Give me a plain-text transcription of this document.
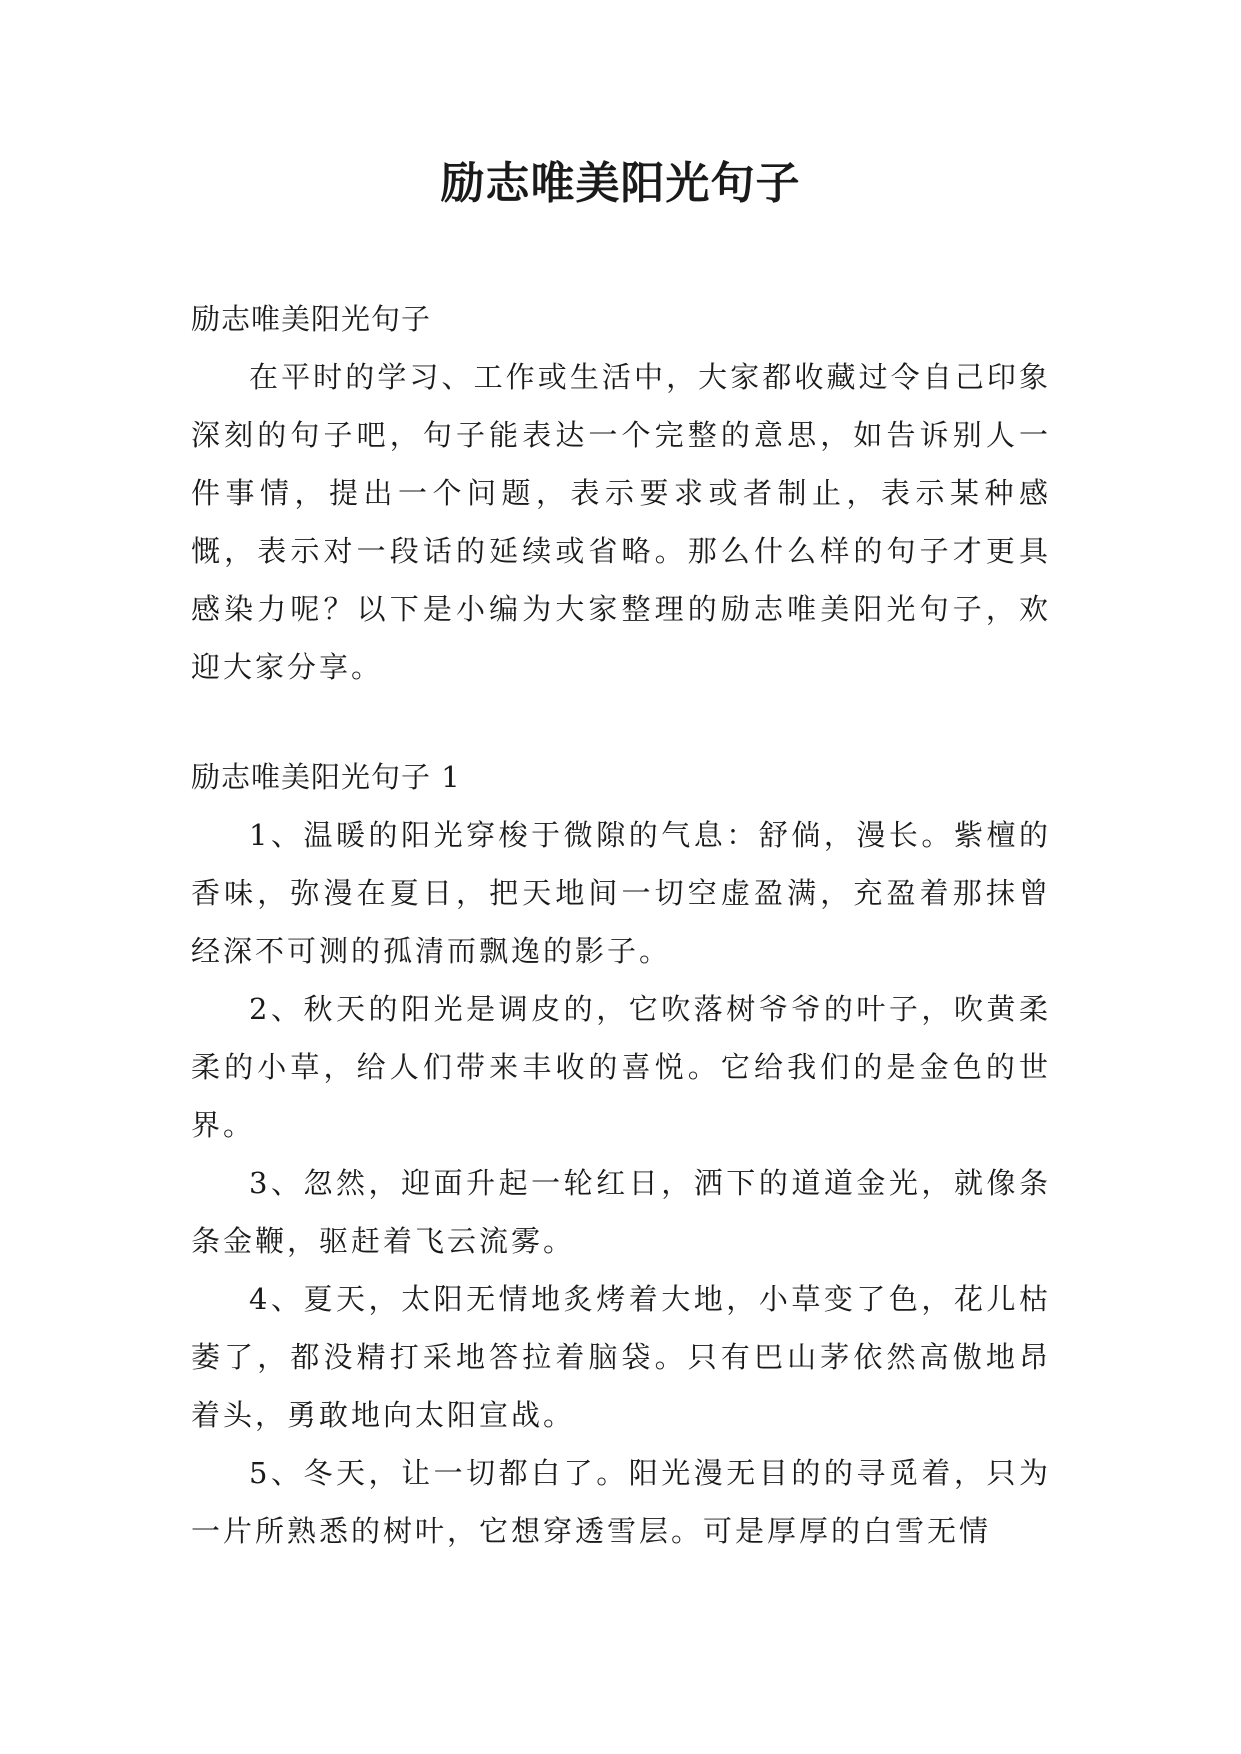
励志唯美阳光句子

励志唯美阳光句子

在平时的学习、工作或生活中，大家都收藏过令自己印象深刻的句子吧，句子能表达一个完整的意思，如告诉别人一件事情，提出一个问题，表示要求或者制止，表示某种感慨，表示对一段话的延续或省略。那么什么样的句子才更具感染力呢？以下是小编为大家整理的励志唯美阳光句子，欢迎大家分享。

励志唯美阳光句子 1

1、温暖的阳光穿梭于微隙的气息：舒倘，漫长。紫檀的香味，弥漫在夏日，把天地间一切空虚盈满，充盈着那抹曾经深不可测的孤清而飘逸的影子。

2、秋天的阳光是调皮的，它吹落树爷爷的叶子，吹黄柔柔的小草，给人们带来丰收的喜悦。它给我们的是金色的世界。

3、忽然，迎面升起一轮红日，洒下的道道金光，就像条条金鞭，驱赶着飞云流雾。

4、夏天，太阳无情地炙烤着大地，小草变了色，花儿枯萎了，都没精打采地答拉着脑袋。只有巴山茅依然高傲地昂着头，勇敢地向太阳宣战。

5、冬天，让一切都白了。阳光漫无目的的寻觅着，只为一片所熟悉的树叶，它想穿透雪层。可是厚厚的白雪无情
